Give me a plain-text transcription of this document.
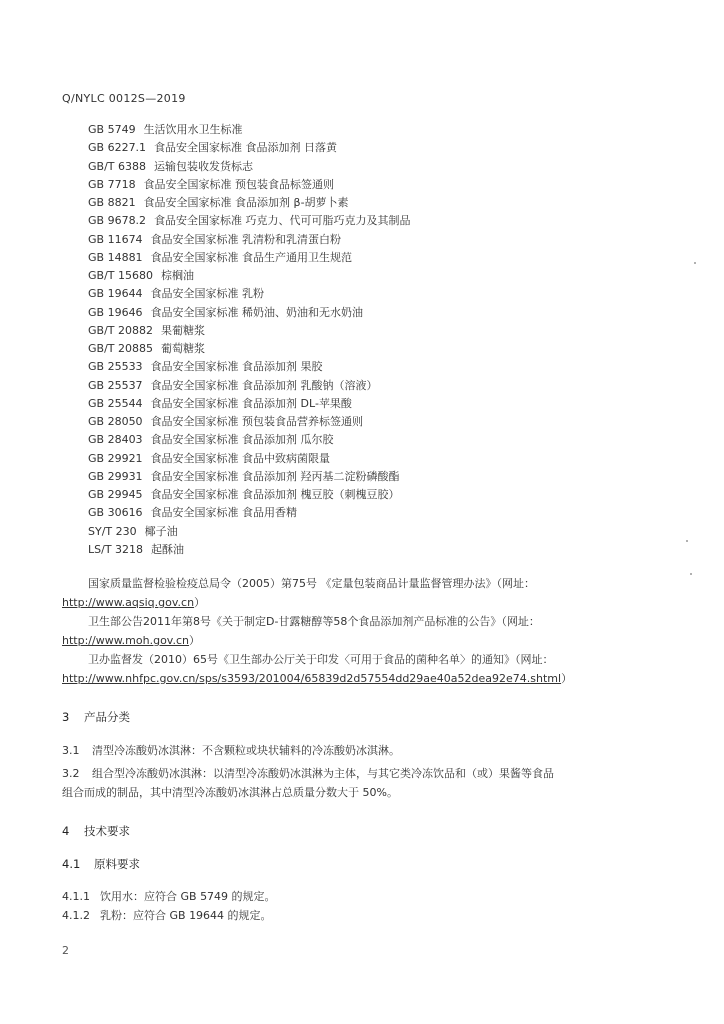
Q/NYLC 0012S—2019
GB 5749 生活饮用水卫生标准
GB 6227.1 食品安全国家标准 食品添加剂 日落黄
GB/T 6388 运输包装收发货标志
GB 7718 食品安全国家标准 预包装食品标签通则
GB 8821 食品安全国家标准 食品添加剂 β-胡萝卜素
GB 9678.2 食品安全国家标准 巧克力、代可可脂巧克力及其制品
GB 11674 食品安全国家标准 乳清粉和乳清蛋白粉
GB 14881 食品安全国家标准 食品生产通用卫生规范
GB/T 15680 棕榈油
GB 19644 食品安全国家标准 乳粉
GB 19646 食品安全国家标准 稀奶油、奶油和无水奶油
GB/T 20882 果葡糖浆
GB/T 20885 葡萄糖浆
GB 25533 食品安全国家标准 食品添加剂 果胶
GB 25537 食品安全国家标准 食品添加剂 乳酸钠（溶液）
GB 25544 食品安全国家标准 食品添加剂 DL-苹果酸
GB 28050 食品安全国家标准 预包装食品营养标签通则
GB 28403 食品安全国家标准 食品添加剂 瓜尔胶
GB 29921 食品安全国家标准 食品中致病菌限量
GB 29931 食品安全国家标准 食品添加剂 羟丙基二淀粉磷酸酯
GB 29945 食品安全国家标准 食品添加剂 槐豆胶（刺槐豆胶）
GB 30616 食品安全国家标准 食品用香精
SY/T 230 椰子油
LS/T 3218 起酥油
国家质量监督检验检疫总局令（2005）第75号 《定量包装商品计量监督管理办法》（网址：
http://www.aqsiq.gov.cn）
卫生部公告2011年第8号《关于制定D-甘露糖醇等58个食品添加剂产品标准的公告》（网址：
http://www.moh.gov.cn）
卫办监督发（2010）65号《卫生部办公厅关于印发〈可用于食品的菌种名单〉的通知》（网址：
http://www.nhfpc.gov.cn/sps/s3593/201004/65839d2d57554dd29ae40a52dea92e74.shtml）
3 产品分类
3.1 清型冷冻酸奶冰淇淋：不含颗粒或块状辅料的冷冻酸奶冰淇淋。
3.2 组合型冷冻酸奶冰淇淋：以清型冷冻酸奶冰淇淋为主体，与其它类冷冻饮品和（或）果酱等食品
组合而成的制品，其中清型冷冻酸奶冰淇淋占总质量分数大于 50%。
4 技术要求
4.1 原料要求
4.1.1 饮用水：应符合 GB 5749 的规定。
4.1.2 乳粉：应符合 GB 19644 的规定。
2
